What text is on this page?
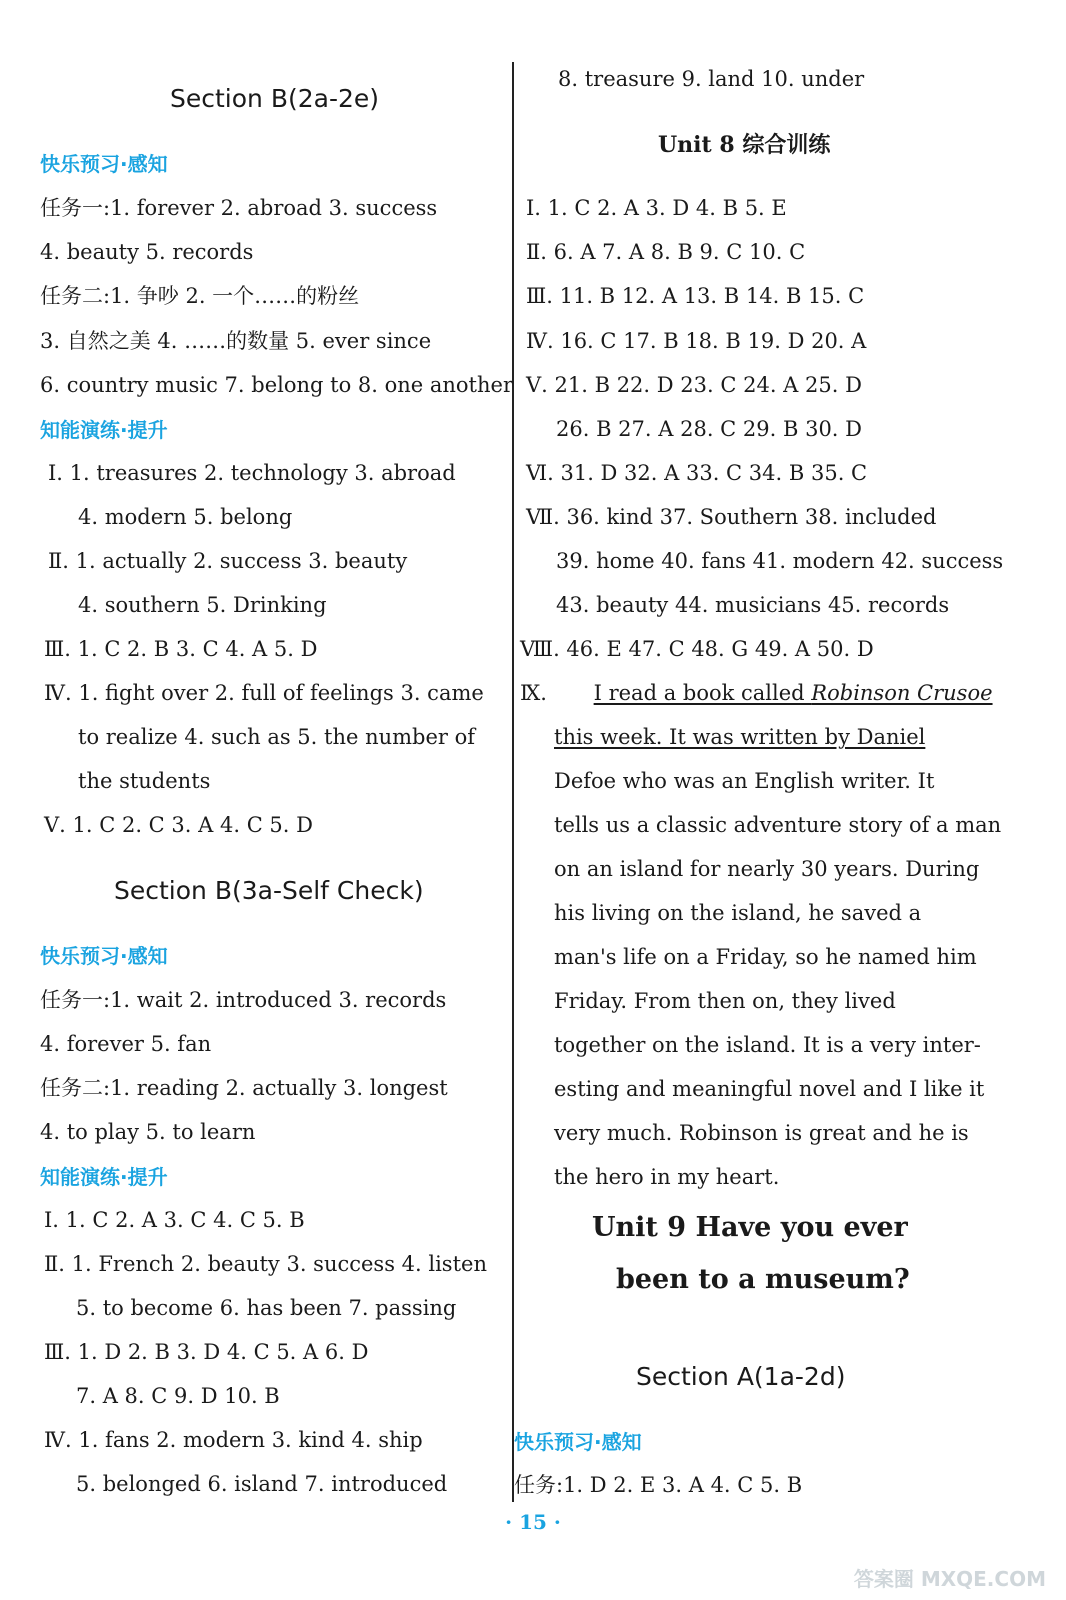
Section B(2a-2e)
快乐预习·感知
任务一:1. forever 2. abroad 3. success
4. beauty 5. records
任务二:1. 争吵 2. 一个……的粉丝
3. 自然之美 4. ……的数量 5. ever since
6. country music 7. belong to 8. one another
知能演练·提升
Ⅰ. 1. treasures 2. technology 3. abroad
4. modern 5. belong
Ⅱ. 1. actually 2. success 3. beauty
4. southern 5. Drinking
Ⅲ. 1. C 2. B 3. C 4. A 5. D
Ⅳ. 1. fight over 2. full of feelings 3. came
to realize 4. such as 5. the number of
the students
Ⅴ. 1. C 2. C 3. A 4. C 5. D
Section B(3a-Self Check)
快乐预习·感知
任务一:1. wait 2. introduced 3. records
4. forever 5. fan
任务二:1. reading 2. actually 3. longest
4. to play 5. to learn
知能演练·提升
Ⅰ. 1. C 2. A 3. C 4. C 5. B
Ⅱ. 1. French 2. beauty 3. success 4. listen
5. to become 6. has been 7. passing
Ⅲ. 1. D 2. B 3. D 4. C 5. A 6. D
7. A 8. C 9. D 10. B
Ⅳ. 1. fans 2. modern 3. kind 4. ship
5. belonged 6. island 7. introduced
8. treasure 9. land 10. under
Unit 8 综合训练
Ⅰ. 1. C 2. A 3. D 4. B 5. E
Ⅱ. 6. A 7. A 8. B 9. C 10. C
Ⅲ. 11. B 12. A 13. B 14. B 15. C
Ⅳ. 16. C 17. B 18. B 19. D 20. A
Ⅴ. 21. B 22. D 23. C 24. A 25. D
26. B 27. A 28. C 29. B 30. D
Ⅵ. 31. D 32. A 33. C 34. B 35. C
Ⅶ. 36. kind 37. Southern 38. included
39. home 40. fans 41. modern 42. success
43. beauty 44. musicians 45. records
Ⅷ. 46. E 47. C 48. G 49. A 50. D
Ⅸ. I read a book called Robinson Crusoe
this week. It was written by Daniel
Defoe who was an English writer. It
tells us a classic adventure story of a man
on an island for nearly 30 years. During
his living on the island, he saved a
man's life on a Friday, so he named him
Friday. From then on, they lived
together on the island. It is a very inter-
esting and meaningful novel and I like it
very much. Robinson is great and he is
the hero in my heart.
Unit 9 Have you ever
been to a museum?
Section A(1a-2d)
快乐预习·感知
任务:1. D 2. E 3. A 4. C 5. B
· 15 ·
答案圈 MXQE.COM
